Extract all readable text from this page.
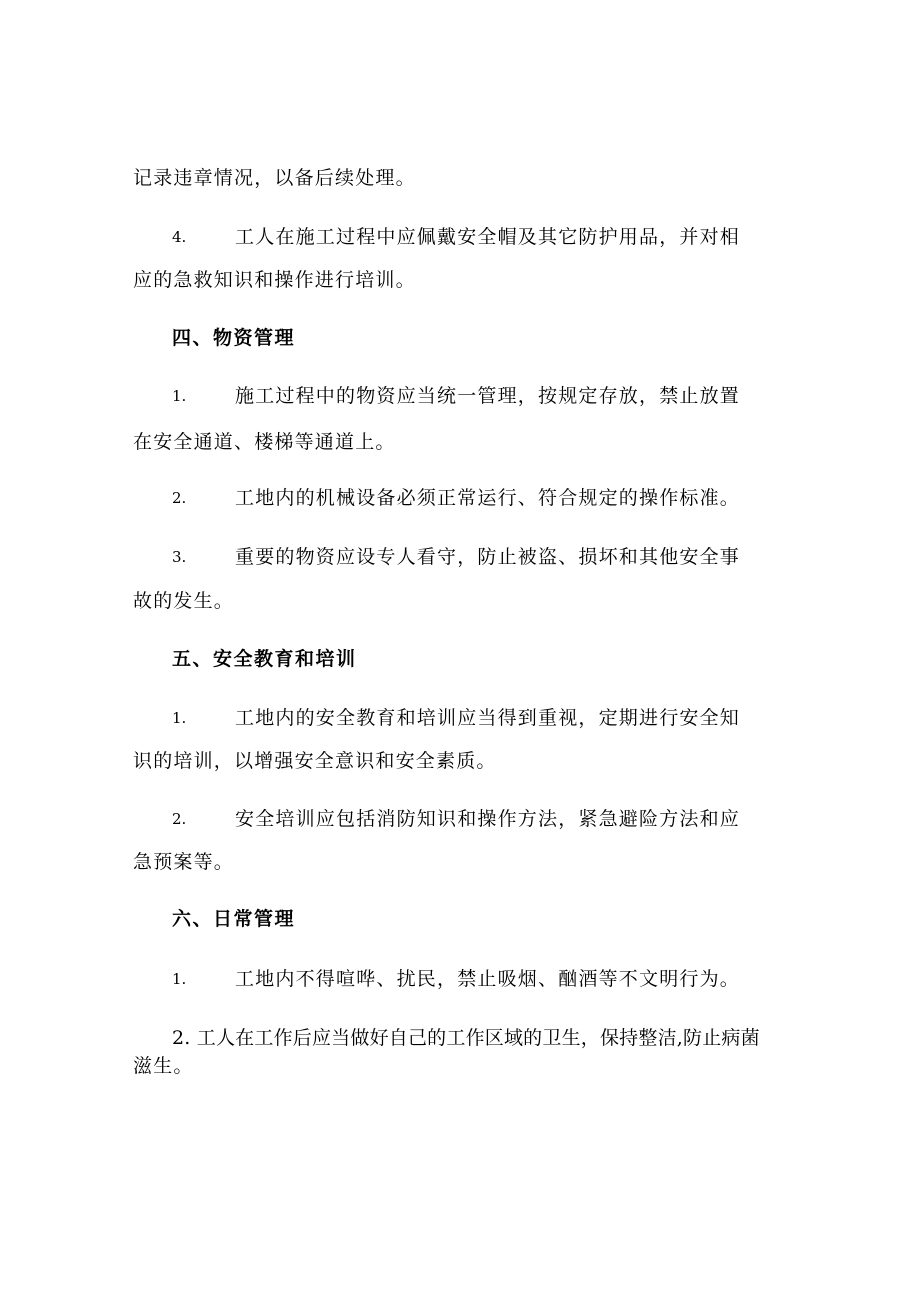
记录违章情况，以备后续处理。
4.	工人在施工过程中应佩戴安全帽及其它防护用品，并对相
应的急救知识和操作进行培训。
四、物资管理
1.	施工过程中的物资应当统一管理，按规定存放，禁止放置
在安全通道、楼梯等通道上。
2.	工地内的机械设备必须正常运行、符合规定的操作标准。
3.	重要的物资应设专人看守，防止被盗、损坏和其他安全事
故的发生。
五、安全教育和培训
1.	工地内的安全教育和培训应当得到重视，定期进行安全知
识的培训，以增强安全意识和安全素质。
2.	安全培训应包括消防知识和操作方法，紧急避险方法和应
急预案等。
六、日常管理
1.	工地内不得喧哗、扰民，禁止吸烟、酗酒等不文明行为。
2. 工人在工作后应当做好自己的工作区域的卫生，保持整洁,防止病菌
滋生。
